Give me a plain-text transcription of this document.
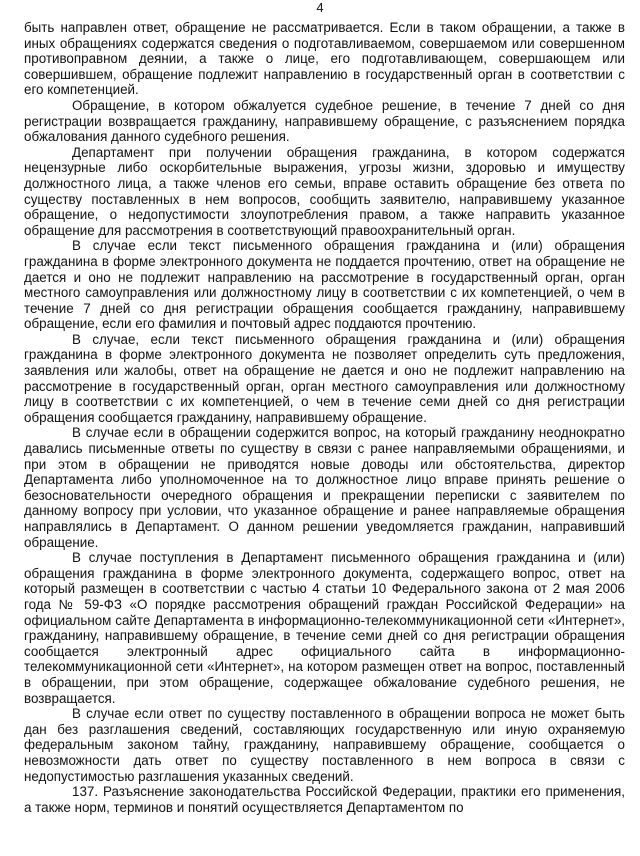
4

быть направлен ответ, обращение не рассматривается. Если в таком обращении, а также в иных обращениях содержатся сведения о подготавливаемом, совершаемом или совершенном противоправном деянии, а также о лице, его подготавливающем, совершающем или совершившем, обращение подлежит направлению в государственный орган в соответствии с его компетенцией.

Обращение, в котором обжалуется судебное решение, в течение 7 дней со дня регистрации возвращается гражданину, направившему обращение, с разъяснением порядка обжалования данного судебного решения.

Департамент при получении обращения гражданина, в котором содержатся нецензурные либо оскорбительные выражения, угрозы жизни, здоровью и имуществу должностного лица, а также членов его семьи, вправе оставить обращение без ответа по существу поставленных в нем вопросов, сообщить заявителю, направившему указанное обращение, о недопустимости злоупотребления правом, а также направить указанное обращение для рассмотрения в соответствующий правоохранительный орган.

В случае если текст письменного обращения гражданина и (или) обращения гражданина в форме электронного документа не поддается прочтению, ответ на обращение не дается и оно не подлежит направлению на рассмотрение в государственный орган, орган местного самоуправления или должностному лицу в соответствии с их компетенцией, о чем в течение 7 дней со дня регистрации обращения сообщается гражданину, направившему обращение, если его фамилия и почтовый адрес поддаются прочтению.

В случае, если текст письменного обращения гражданина и (или) обращения гражданина в форме электронного документа не позволяет определить суть предложения, заявления или жалобы, ответ на обращение не дается и оно не подлежит направлению на рассмотрение в государственный орган, орган местного самоуправления или должностному лицу в соответствии с их компетенцией, о чем в течение семи дней со дня регистрации обращения сообщается гражданину, направившему обращение.

В случае если в обращении содержится вопрос, на который гражданину неоднократно давались письменные ответы по существу в связи с ранее направляемыми обращениями, и при этом в обращении не приводятся новые доводы или обстоятельства, директор Департамента либо уполномоченное на то должностное лицо вправе принять решение о безосновательности очередного обращения и прекращении переписки с заявителем по данному вопросу при условии, что указанное обращение и ранее направляемые обращения направлялись в Департамент. О данном решении уведомляется гражданин, направивший обращение.

В случае поступления в Департамент письменного обращения гражданина и (или) обращения гражданина в форме электронного документа, содержащего вопрос, ответ на который размещен в соответствии с частью 4 статьи 10 Федерального закона от 2 мая 2006 года № 59-ФЗ «О порядке рассмотрения обращений граждан Российской Федерации» на официальном сайте Департамента в информационно-телекоммуникационной сети «Интернет», гражданину, направившему обращение, в течение семи дней со дня регистрации обращения сообщается электронный адрес официального сайта в информационно-телекоммуникационной сети «Интернет», на котором размещен ответ на вопрос, поставленный в обращении, при этом обращение, содержащее обжалование судебного решения, не возвращается.

В случае если ответ по существу поставленного в обращении вопроса не может быть дан без разглашения сведений, составляющих государственную или иную охраняемую федеральным законом тайну, гражданину, направившему обращение, сообщается о невозможности дать ответ по существу поставленного в нем вопроса в связи с недопустимостью разглашения указанных сведений.

137. Разъяснение законодательства Российской Федерации, практики его применения, а также норм, терминов и понятий осуществляется Департаментом по
